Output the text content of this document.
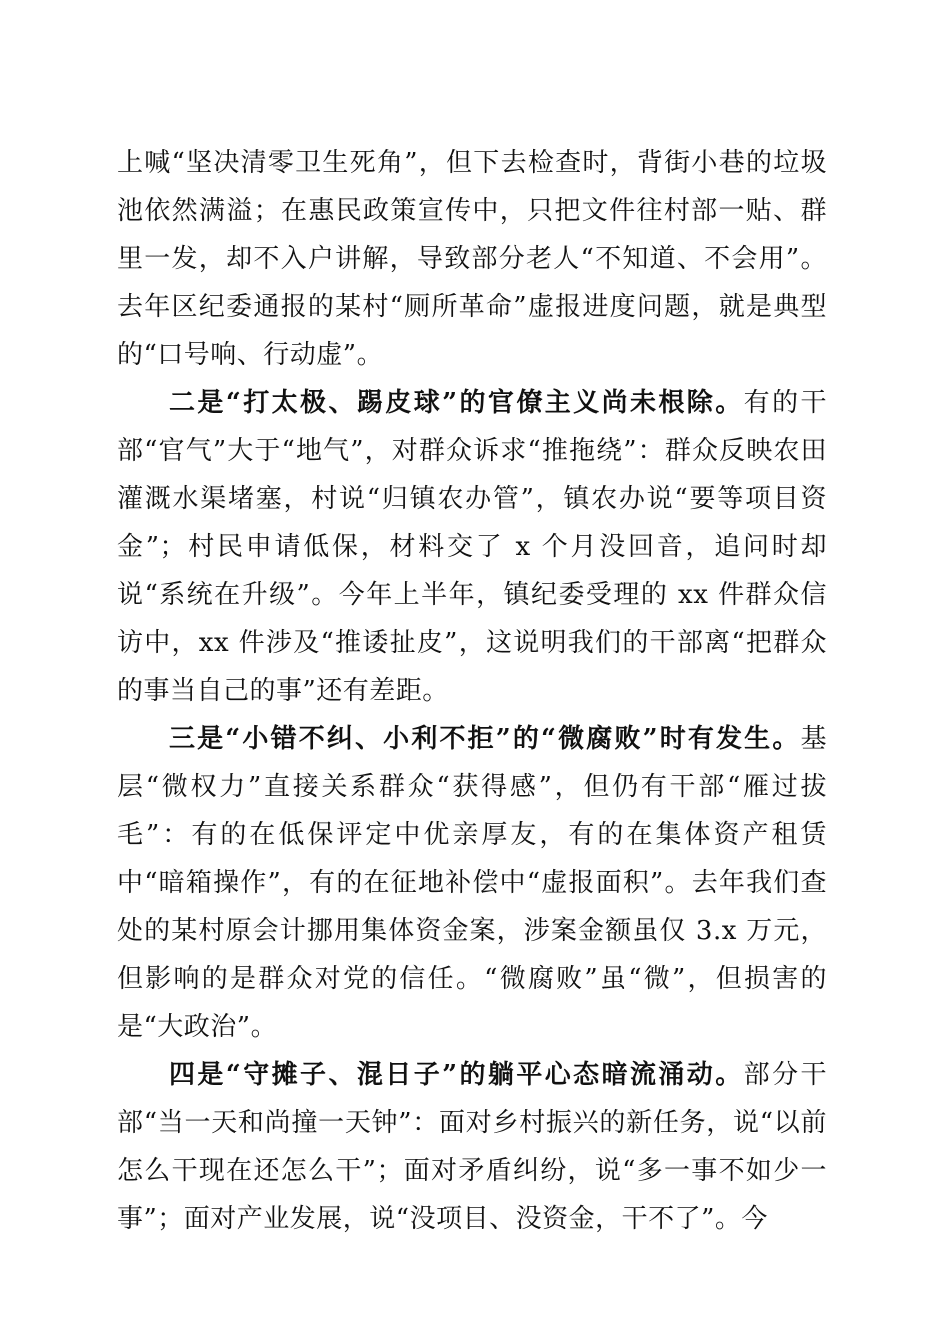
上喊“坚决清零卫生死角”，但下去检查时，背街小巷的垃圾池依然满溢；在惠民政策宣传中，只把文件往村部一贴、群里一发，却不入户讲解，导致部分老人“不知道、不会用”。去年区纪委通报的某村“厕所革命”虚报进度问题，就是典型的“口号响、行动虚”。

二是“打太极、踢皮球”的官僚主义尚未根除。有的干部“官气”大于“地气”，对群众诉求“推拖绕”：群众反映农田灌溉水渠堵塞，村说“归镇农办管”，镇农办说“要等项目资金”；村民申请低保，材料交了 x 个月没回音，追问时却说“系统在升级”。今年上半年，镇纪委受理的 xx 件群众信访中，xx 件涉及“推诿扯皮”，这说明我们的干部离“把群众的事当自己的事”还有差距。

三是“小错不纠、小利不拒”的“微腐败”时有发生。基层“微权力”直接关系群众“获得感”，但仍有干部“雁过拔毛”：有的在低保评定中优亲厚友，有的在集体资产租赁中“暗箱操作”，有的在征地补偿中“虚报面积”。去年我们查处的某村原会计挪用集体资金案，涉案金额虽仅 3.x 万元，但影响的是群众对党的信任。“微腐败”虽“微”，但损害的是“大政治”。

四是“守摊子、混日子”的躺平心态暗流涌动。部分干部“当一天和尚撞一天钟”：面对乡村振兴的新任务，说“以前怎么干现在还怎么干”；面对矛盾纠纷，说“多一事不如少一事”；面对产业发展，说“没项目、没资金，干不了”。今
